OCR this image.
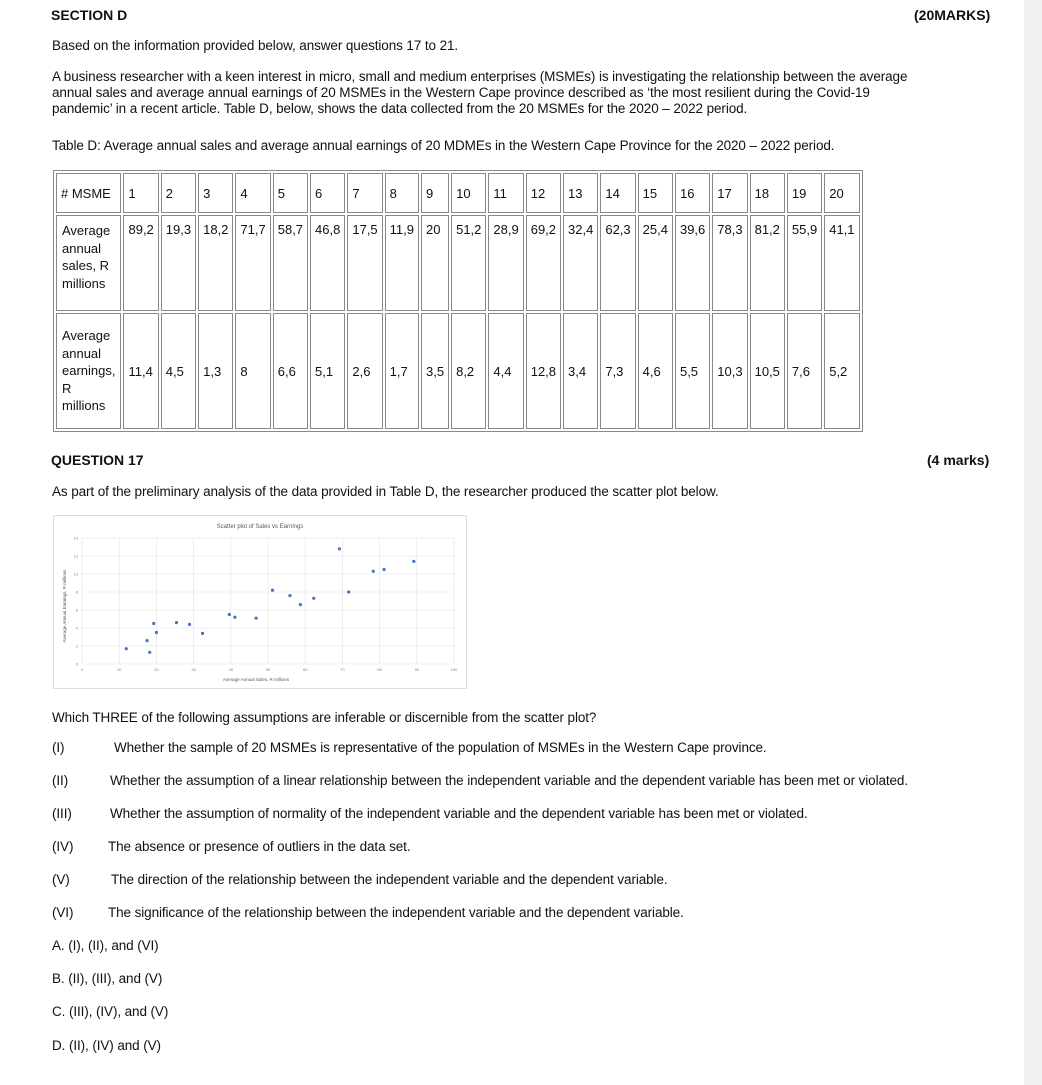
SECTION D	(20MARKS)
Based on the information provided below, answer questions 17 to 21.
A business researcher with a keen interest in micro, small and medium enterprises (MSMEs) is investigating the relationship between the average
annual sales and average annual earnings of 20 MSMEs in the Western Cape province described as ‘the most resilient during the Covid-19
pandemic’ in a recent article. Table D, below, shows the data collected from the 20 MSMEs for the 2020 – 2022 period.
Table D: Average annual sales and average annual earnings of 20 MDMEs in the Western Cape Province for the 2020 – 2022 period.
# MSME	1	2	3	4	5	6	7	8	9	10	11	12	13	14	15	16	17	18	19	20

Average
annual
sales, R
millions	89,2	19,3	18,2	71,7	58,7	46,8	17,5	11,9	20	51,2	28,9	69,2	32,4	62,3	25,4	39,6	78,3	81,2	55,9	41,1

Average
annual
earnings,
R
millions	11,4	4,5	1,3	8	6,6	5,1	2,6	1,7	3,5	8,2	4,4	12,8	3,4	7,3	4,6	5,5	10,3	10,5	7,6	5,2
QUESTION 17	(4 marks)
As part of the preliminary analysis of the data provided in Table D, the researcher produced the scatter plot below.
Scatter plot of Sales vs Earnings
Average Annual Sales, R millions
Average Annual Earnings, R millions
0
2
4
6
8
10
12
14
0	10	20	30	40	50	60	70	80	90	100
Which THREE of the following assumptions are inferable or discernible from the scatter plot?
(I)	Whether the sample of 20 MSMEs is representative of the population of MSMEs in the Western Cape province.
(II)	Whether the assumption of a linear relationship between the independent variable and the dependent variable has been met or violated.
(III)	Whether the assumption of normality of the independent variable and the dependent variable has been met or violated.
(IV)	The absence or presence of outliers in the data set.
(V)	The direction of the relationship between the independent variable and the dependent variable.
(VI)	The significance of the relationship between the independent variable and the dependent variable.
A. (I), (II), and (VI)
B. (II), (III), and (V)
C. (III), (IV), and (V)
D. (II), (IV) and (V)
